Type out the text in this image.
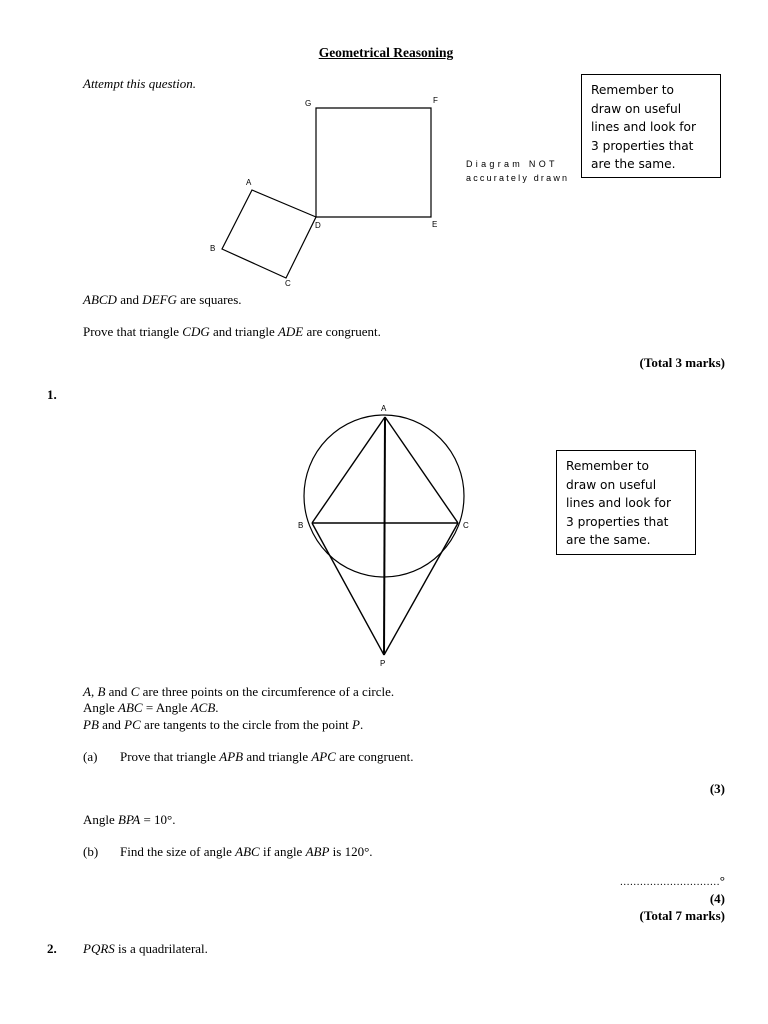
Geometrical Reasoning
Attempt this question.	Remember to
draw on useful
lines and look for
3 properties that
are the same.
G	F
A
B
C
D	E
Diagram NOT
accurately drawn
ABCD and DEFG are squares.
Prove that triangle CDG and triangle ADE are congruent.
(Total 3 marks)
1.
A
B	C
P
Remember to
draw on useful
lines and look for
3 properties that
are the same.
A, B and C are three points on the circumference of a circle.
Angle ABC = Angle ACB.
PB and PC are tangents to the circle from the point P.
(a) Prove that triangle APB and triangle APC are congruent.
(3)
Angle BPA = 10°.
(b) Find the size of angle ABC if angle ABP is 120°.
…………………………°
(4)
(Total 7 marks)
2. PQRS is a quadrilateral.
